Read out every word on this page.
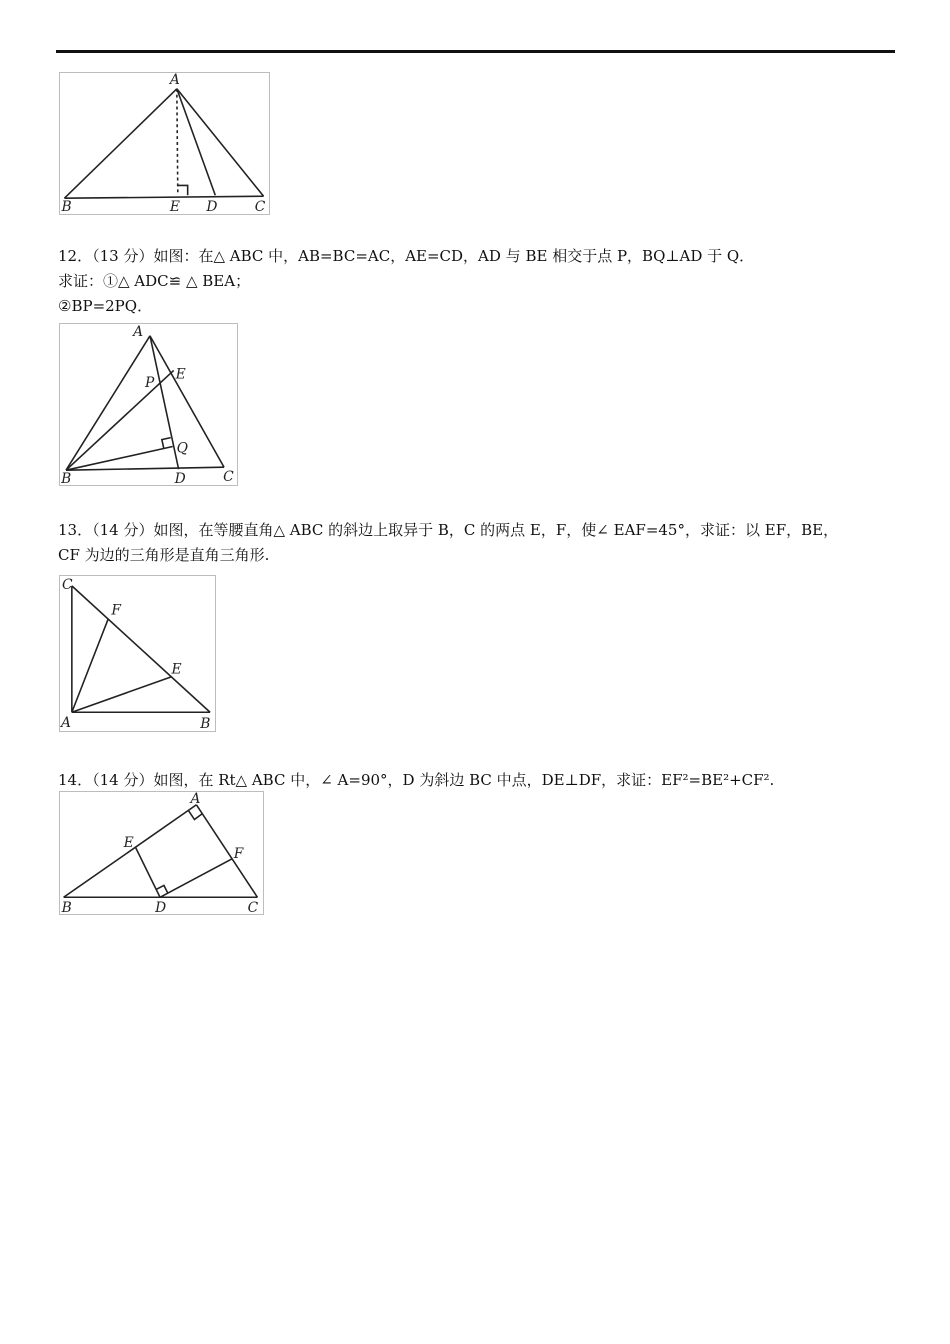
A
B	E D	C
12．（13 分）如图：在△ ABC 中，AB=BC=AC，AE=CD，AD 与 BE 相交于点 P，BQ⊥AD 于 Q．
求证：①△ ADC≌ △ BEA；
②BP=2PQ．
A
P
E
Q
B	D	C
13．（14 分）如图，在等腰直角△ ABC 的斜边上取异于 B，C 的两点 E，F，使∠ EAF=45°，求证：以 EF，BE，
CF 为边的三角形是直角三角形.
C
F
E
A	B
14．（14 分）如图，在 Rt△ ABC 中，∠ A=90°，D 为斜边 BC 中点，DE⊥DF，求证：EF²=BE²+CF².
A
E
F
B	D	C
